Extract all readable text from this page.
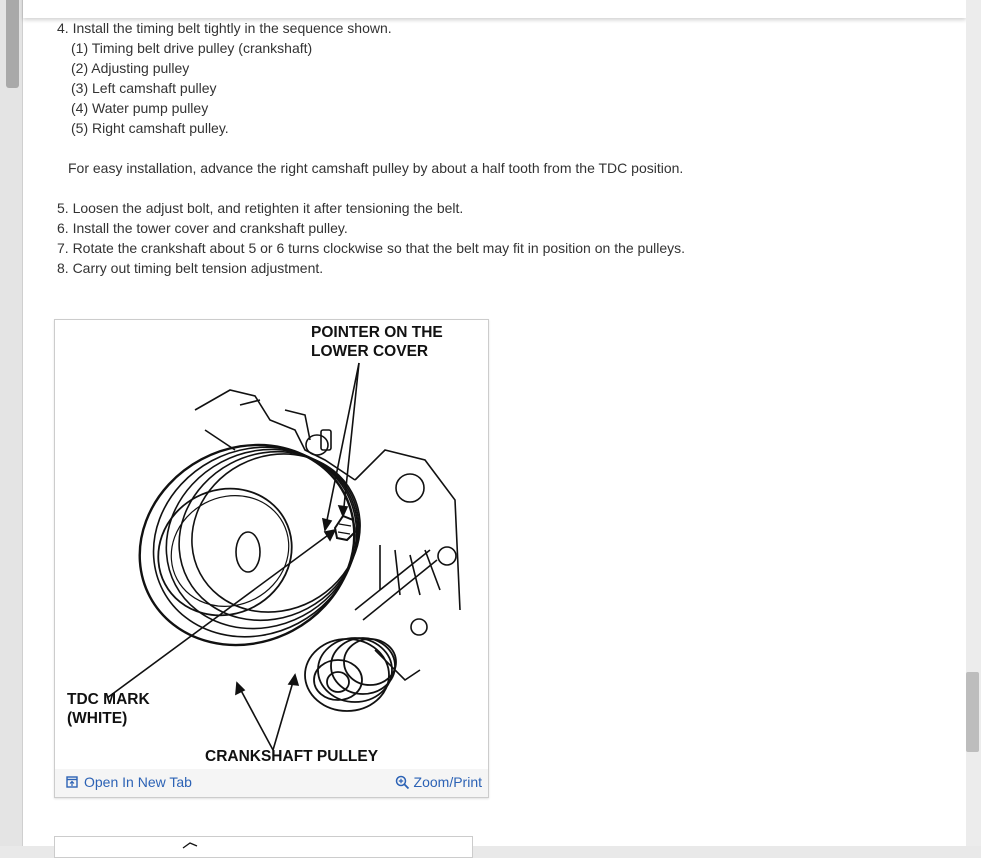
4. Install the timing belt tightly in the sequence shown.
(1) Timing belt drive pulley (crankshaft)
(2) Adjusting pulley
(3) Left camshaft pulley
(4) Water pump pulley
(5) Right camshaft pulley.
For easy installation, advance the right camshaft pulley by about a half tooth from the TDC position.
5. Loosen the adjust bolt, and retighten it after tensioning the belt.
6. Install the tower cover and crankshaft pulley.
7. Rotate the crankshaft about 5 or 6 turns clockwise so that the belt may fit in position on the pulleys.
8. Carry out timing belt tension adjustment.
POINTER ON THE
LOWER COVER
TDC MARK
(WHITE)
CRANKSHAFT PULLEY
Open In New Tab	Zoom/Print
